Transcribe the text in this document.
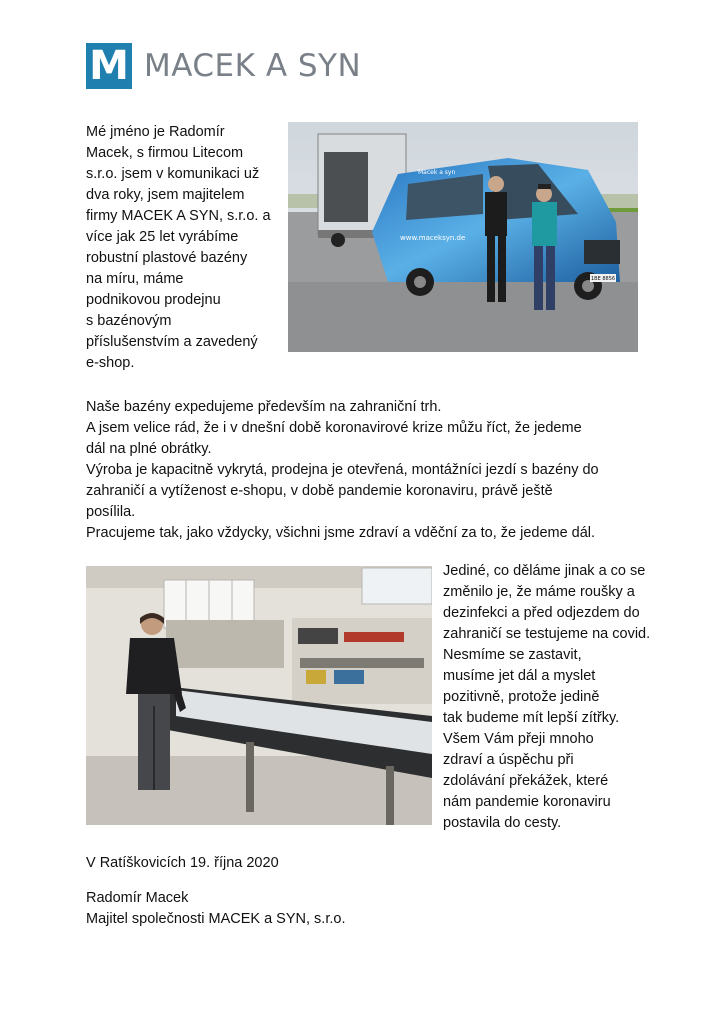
M MACEK A SYN

Mé jméno je Radomír

Macek, s firmou Litecom

s.r.o. jsem v komunikaci už

dva roky, jsem majitelem

firmy MACEK A SYN, s.r.o. a

více jak 25 let vyrábíme

robustní plastové bazény

na míru, máme

podnikovou prodejnu

s bazénovým

příslušenstvím a zavedený

e-shop.

www.maceksyn.de
Macek a syn
1BE 8856

Naše bazény expedujeme především na zahraniční trh.

A jsem velice rád, že i v dnešní době koronavirové krize můžu říct, že jedeme

dál na plné obrátky.

Výroba je kapacitně vykrytá, prodejna je otevřená, montážníci jezdí s bazény do

zahraničí a vytíženost e-shopu, v době pandemie koronaviru, právě ještě

posílila.

Pracujeme tak, jako vždycky, všichni jsme zdraví a vděční za to, že jedeme dál.

Jediné, co děláme jinak a co se

změnilo je, že máme roušky a

dezinfekci a před odjezdem do

zahraničí se testujeme na covid.

Nesmíme se zastavit,

musíme jet dál a myslet

pozitivně, protože jedině

tak budeme mít lepší zítřky.

Všem Vám přeji mnoho

zdraví a úspěchu při

zdolávání překážek, které

nám pandemie koronaviru

postavila do cesty.

V Ratíškovicích 19. října 2020

Radomír Macek

Majitel společnosti MACEK a SYN, s.r.o.
